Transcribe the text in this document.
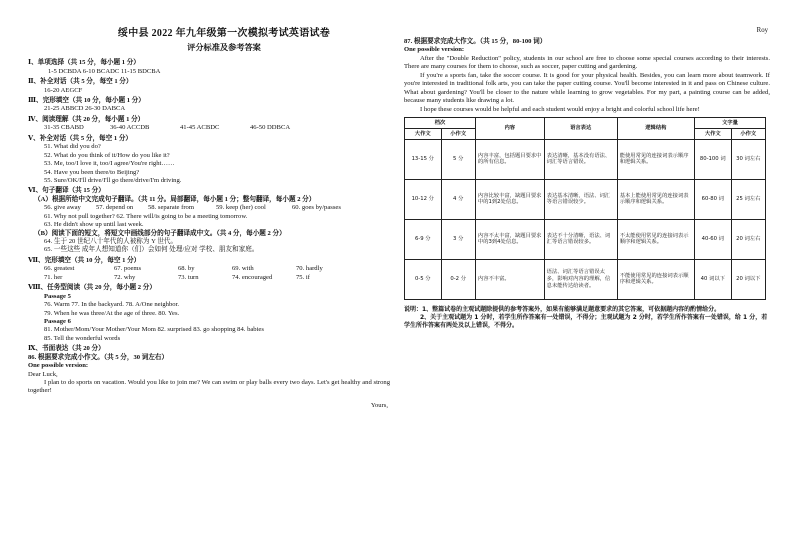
Roy
绥中县 2022 年九年级第一次模拟考试英语试卷
评分标准及参考答案
Ⅰ、单项选择（共 15 分，每小题 1 分）
1-5 DCBDA 6-10 BCADC 11-15 BDCBA
Ⅱ、补全对话（共 5 分，每空 1 分）
16-20 AEGCF
Ⅲ、完形填空（共 10 分，每小题 1 分）
21-25 ABBCD 26-30 DABCA
Ⅳ、阅读理解（共 20 分，每小题 1 分）
31-35 CBABD	36-40 ACCDB	41-45 ACBDC	46-50 DDBCA
Ⅴ、补全对话（共 5 分，每空 1 分）
51. What did you do?
52. What do you think of it/How do you like it?
53. Me, too/I love it, too/I agree/You're right……
54. Have you been there/to Beijing?
55. Sure/OK/I'll drive/I'll go there/drive/I'm driving.
Ⅵ、句子翻译（共 15 分）
（A）根据所给中文完成句子翻译。（共 11 分。局部翻译，每小题 1 分；整句翻译，每小题 2 分）
56. give away	57. depend on	58. separate from	59. keep (her) cool	60. goes by/passes
61. Why not pull together? 62. There will/is going to be a meeting tomorrow.
63. He didn't show up until last week.
（B）阅读下面的短文，将短文中画线部分的句子翻译成中文。（共 4 分，每小题 2 分）
64. 生于 20 世纪八十年代的人被称为 Y 世代。
65. 一些这些 成年人想知道你（们）会如何 处理/应对 学校、朋友和家庭。
Ⅶ、完形填空（共 10 分，每空 1 分）
66. greatest	67. poems	68. by	69. with	70. hardly
71. her	72. why	73. turn	74. encouraged	75. if
Ⅷ、任务型阅读（共 20 分，每小题 2 分）
Passage 5
76. Warm 77. In the backyard. 78. A/One neighbor.
79. When he was three/At the age of three. 80. Yes.
Passage 6
81. Mother/Mom/Your Mother/Your Mom 82. surprised 83. go shopping 84. babies
85. Tell the wonderful words
Ⅸ、书面表达（共 20 分）
86. 根据要求完成小作文。（共 5 分，30 词左右）
One possible version:
Dear Luck,
I plan to do sports on vacation. Would you like to join me? We can swim or play balls every two days. Let's get healthy and strong together!
Yours,
87. 根据要求完成大作文。（共 15 分，80-100 词）
One possible version:
After the "Double Reduction" policy, students in our school are free to choose some special courses according to their interests. There are many courses for them to choose, such as soccer, paper cutting and gardening.
If you're a sports fan, take the soccer course. It is good for your physical health. Besides, you can learn more about teamwork. If you're interested in traditional folk arts, you can take the paper cutting course. You'll become interested in it and pass on Chinese culture. What about gardening? You'll be closer to the nature while learning to grow vegetables. For my part, a painting course can be added, because many students like drawing a lot.
I hope these courses would be helpful and each student would enjoy a bright and colorful school life here!
档次		内容	语言表达	逻辑结构	文字量	
大作文	小作文				大作文	小作文
13-15 分	5 分	内容丰富，包括题目要求中的所有信息。	表达清晰，基本没有语法、词汇等语言错误。	能使用常见的连接词表示顺序和逻辑关系。	80-100 词	30 词左右
10-12 分	4 分	内容比较丰富，缺题目要求中的1到2处信息。	表达基本清晰，语法、词汇等语言错误较少。	基本上能使用常见的连接词表示顺序和逻辑关系。	60-80 词	25 词左右
6-9 分	3 分	内容不太丰富，缺题目要求中的3到4处信息。	表达不十分清晰，语法、词汇等语言错误较多。	不太能使用常见的连接词表示顺序和逻辑关系。	40-60 词	20 词左右
0-5 分	0-2 分	内容不丰富。	语法、词汇等语言错误太多，影响对内容的理解，信息未能传达给读者。	不能使用常见的连接词表示顺序和逻辑关系。	40 词以下	20 词以下
说明：1、整篇试卷的主观试题除提供的参考答案外，如果有能够满足题意要求的其它答案，可依据题内容的酌情给分。
2、关于主观试题为 1 分时，若学生所作答案有一处错误，不得分；主观试题为 2 分时，若学生所作答案有一处错误，给 1 分，若学生所作答案有两处及以上错误，不得分。
